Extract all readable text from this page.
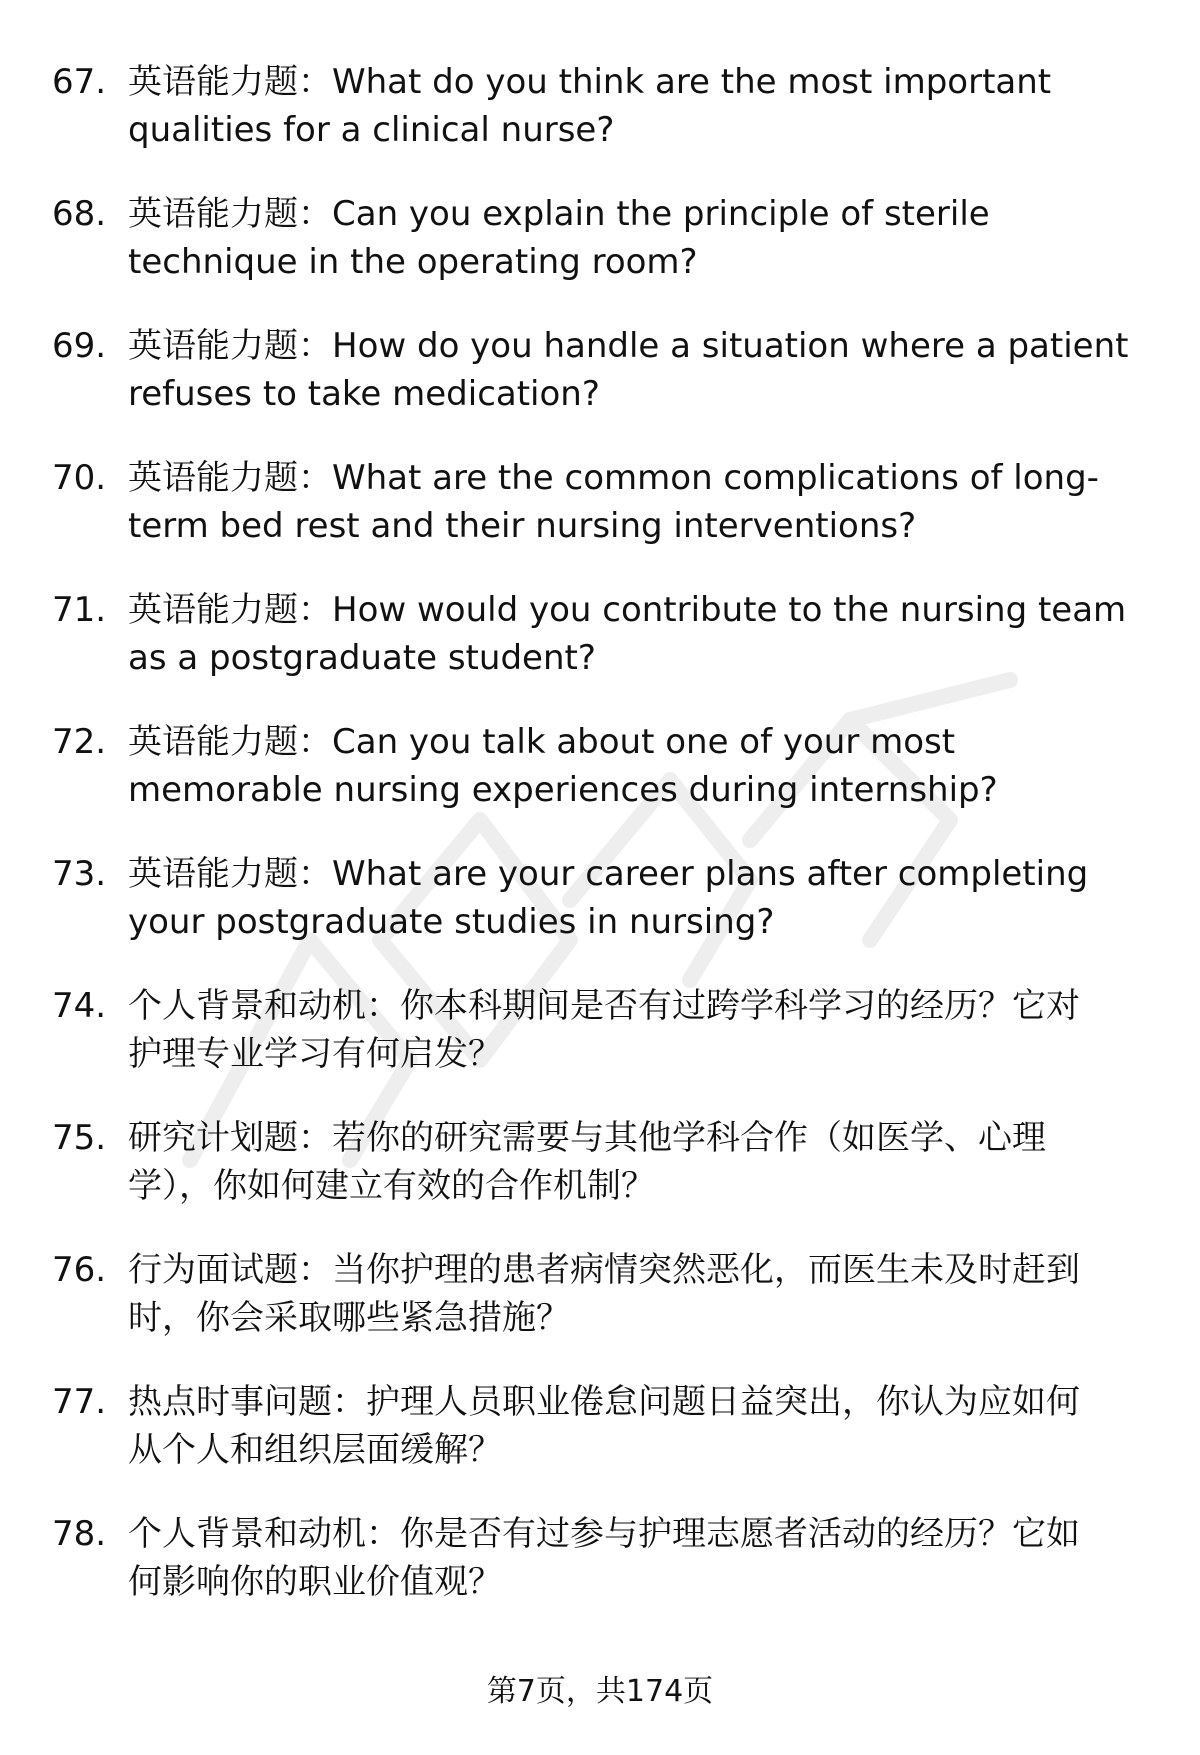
67. 英语能力题：What do you think are the most important
qualities for a clinical nurse?
68. 英语能力题：Can you explain the principle of sterile
technique in the operating room?
69. 英语能力题：How do you handle a situation where a patient
refuses to take medication?
70. 英语能力题：What are the common complications of long-
term bed rest and their nursing interventions?
71. 英语能力题：How would you contribute to the nursing team
as a postgraduate student?
72. 英语能力题：Can you talk about one of your most
memorable nursing experiences during internship?
73. 英语能力题：What are your career plans after completing
your postgraduate studies in nursing?
74. 个人背景和动机：你本科期间是否有过跨学科学习的经历？它对
护理专业学习有何启发？
75. 研究计划题：若你的研究需要与其他学科合作（如医学、心理
学），你如何建立有效的合作机制？
76. 行为面试题：当你护理的患者病情突然恶化，而医生未及时赶到
时，你会采取哪些紧急措施？
77. 热点时事问题：护理人员职业倦怠问题日益突出，你认为应如何
从个人和组织层面缓解？
78. 个人背景和动机：你是否有过参与护理志愿者活动的经历？它如
何影响你的职业价值观？
第7页，共174页
